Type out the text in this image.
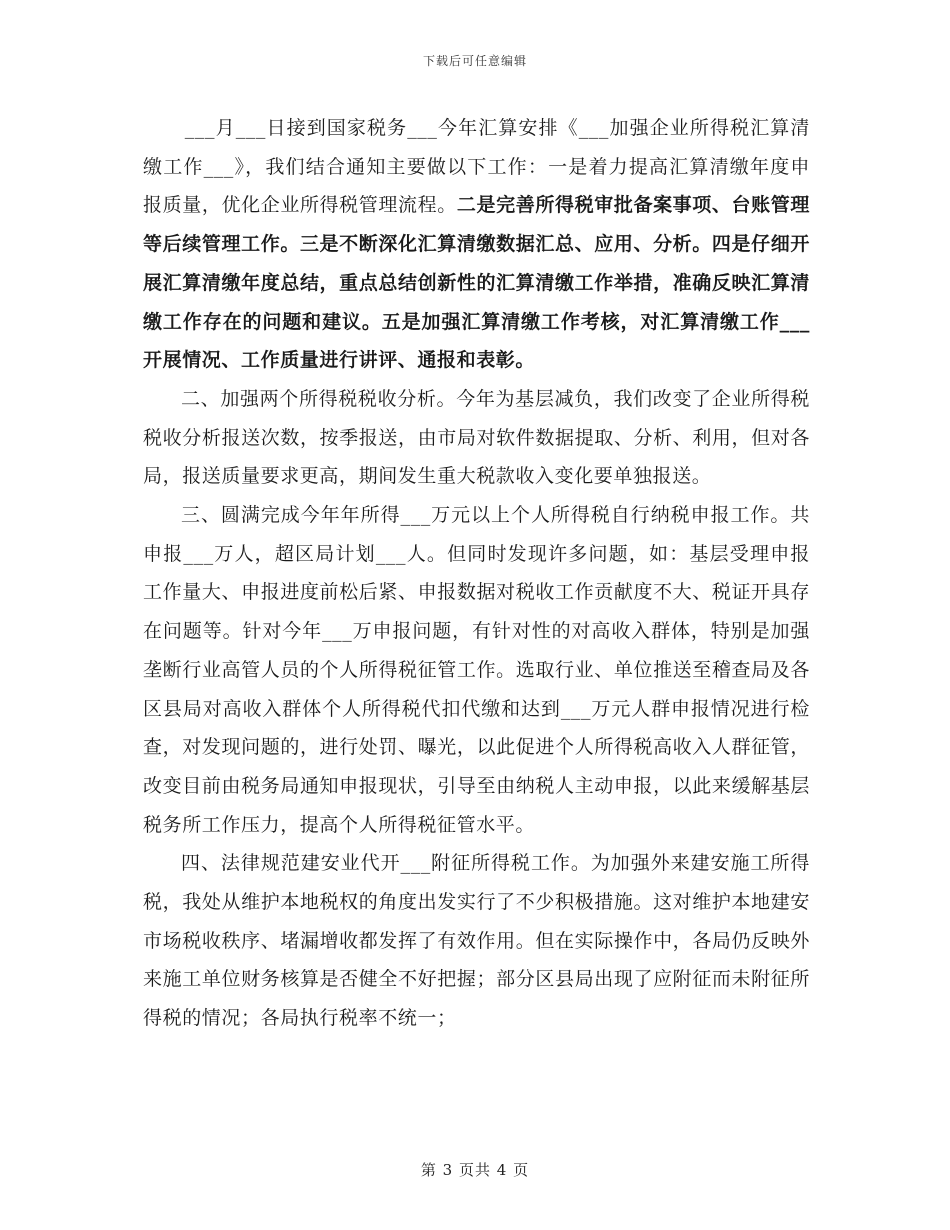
下载后可任意编辑

___月___日接到国家税务___今年汇算安排《___加强企业所得税汇算清缴工作___》，我们结合通知主要做以下工作：一是着力提高汇算清缴年度申报质量，优化企业所得税管理流程。二是完善所得税审批备案事项、台账管理等后续管理工作。三是不断深化汇算清缴数据汇总、应用、分析。四是仔细开展汇算清缴年度总结，重点总结创新性的汇算清缴工作举措，准确反映汇算清缴工作存在的问题和建议。五是加强汇算清缴工作考核，对汇算清缴工作___开展情况、工作质量进行讲评、通报和表彰。

二、加强两个所得税税收分析。今年为基层减负，我们改变了企业所得税税收分析报送次数，按季报送，由市局对软件数据提取、分析、利用，但对各局，报送质量要求更高，期间发生重大税款收入变化要单独报送。

三、圆满完成今年年所得___万元以上个人所得税自行纳税申报工作。共申报___万人，超区局计划___人。但同时发现许多问题，如：基层受理申报工作量大、申报进度前松后紧、申报数据对税收工作贡献度不大、税证开具存在问题等。针对今年___万申报问题，有针对性的对高收入群体，特别是加强垄断行业高管人员的个人所得税征管工作。选取行业、单位推送至稽查局及各区县局对高收入群体个人所得税代扣代缴和达到___万元人群申报情况进行检查，对发现问题的，进行处罚、曝光，以此促进个人所得税高收入人群征管，改变目前由税务局通知申报现状，引导至由纳税人主动申报，以此来缓解基层税务所工作压力，提高个人所得税征管水平。

四、法律规范建安业代开___附征所得税工作。为加强外来建安施工所得税，我处从维护本地税权的角度出发实行了不少积极措施。这对维护本地建安市场税收秩序、堵漏增收都发挥了有效作用。但在实际操作中，各局仍反映外来施工单位财务核算是否健全不好把握；部分区县局出现了应附征而未附征所得税的情况；各局执行税率不统一；

第 3 页共 4 页
